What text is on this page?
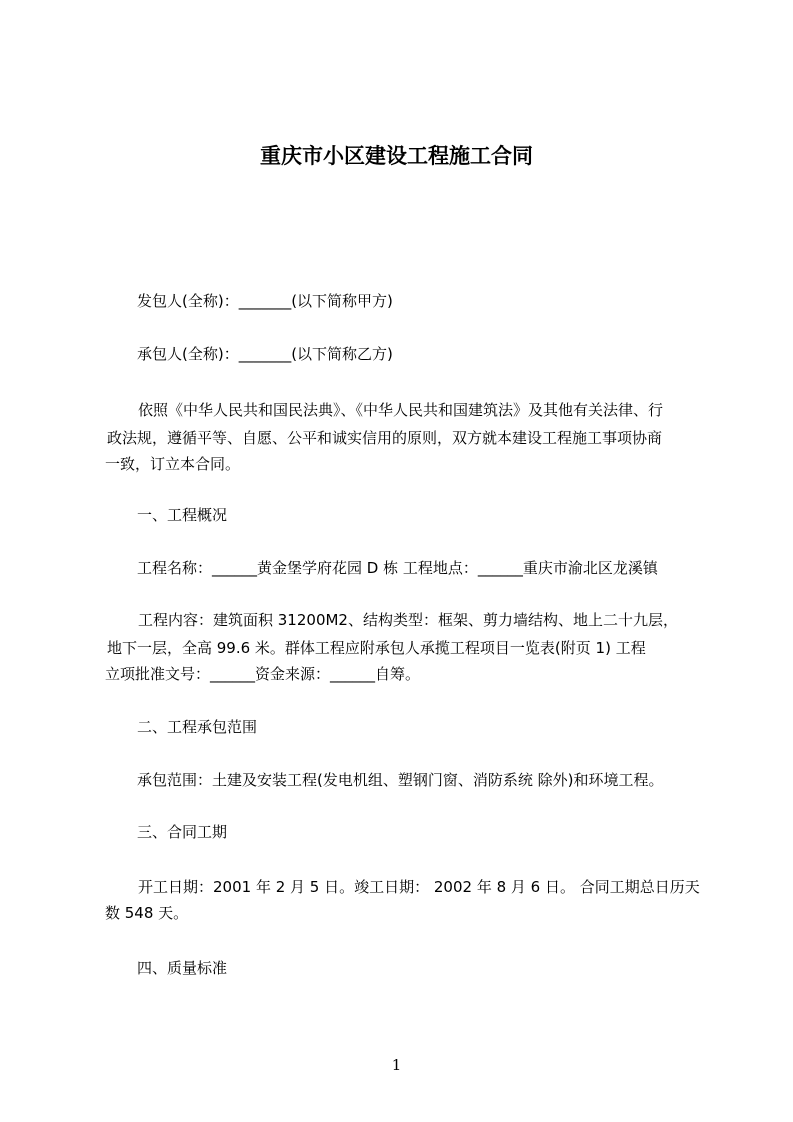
重庆市小区建设工程施工合同
发包人(全称)：_______(以下简称甲方)
承包人(全称)：_______(以下简称乙方)
依照《中华人民共和国民法典》、《中华人民共和国建筑法》及其他有关法律、行
政法规，遵循平等、自愿、公平和诚实信用的原则，双方就本建设工程施工事项协商
一致，订立本合同。
一、工程概况
工程名称：______黄金堡学府花园 D 栋 工程地点：______重庆市渝北区龙溪镇
工程内容：建筑面积 31200M2、结构类型：框架、剪力墙结构、地上二十九层，
地下一层，全高 99.6 米。群体工程应附承包人承揽工程项目一览表(附页 1) 工程
立项批准文号：______资金来源：______自筹。
二、工程承包范围
承包范围：土建及安装工程(发电机组、塑钢门窗、消防系统 除外)和环境工程。
三、合同工期
开工日期：2001 年 2 月 5 日。竣工日期： 2002 年 8 月 6 日。 合同工期总日历天
数 548 天。
四、质量标准
1
